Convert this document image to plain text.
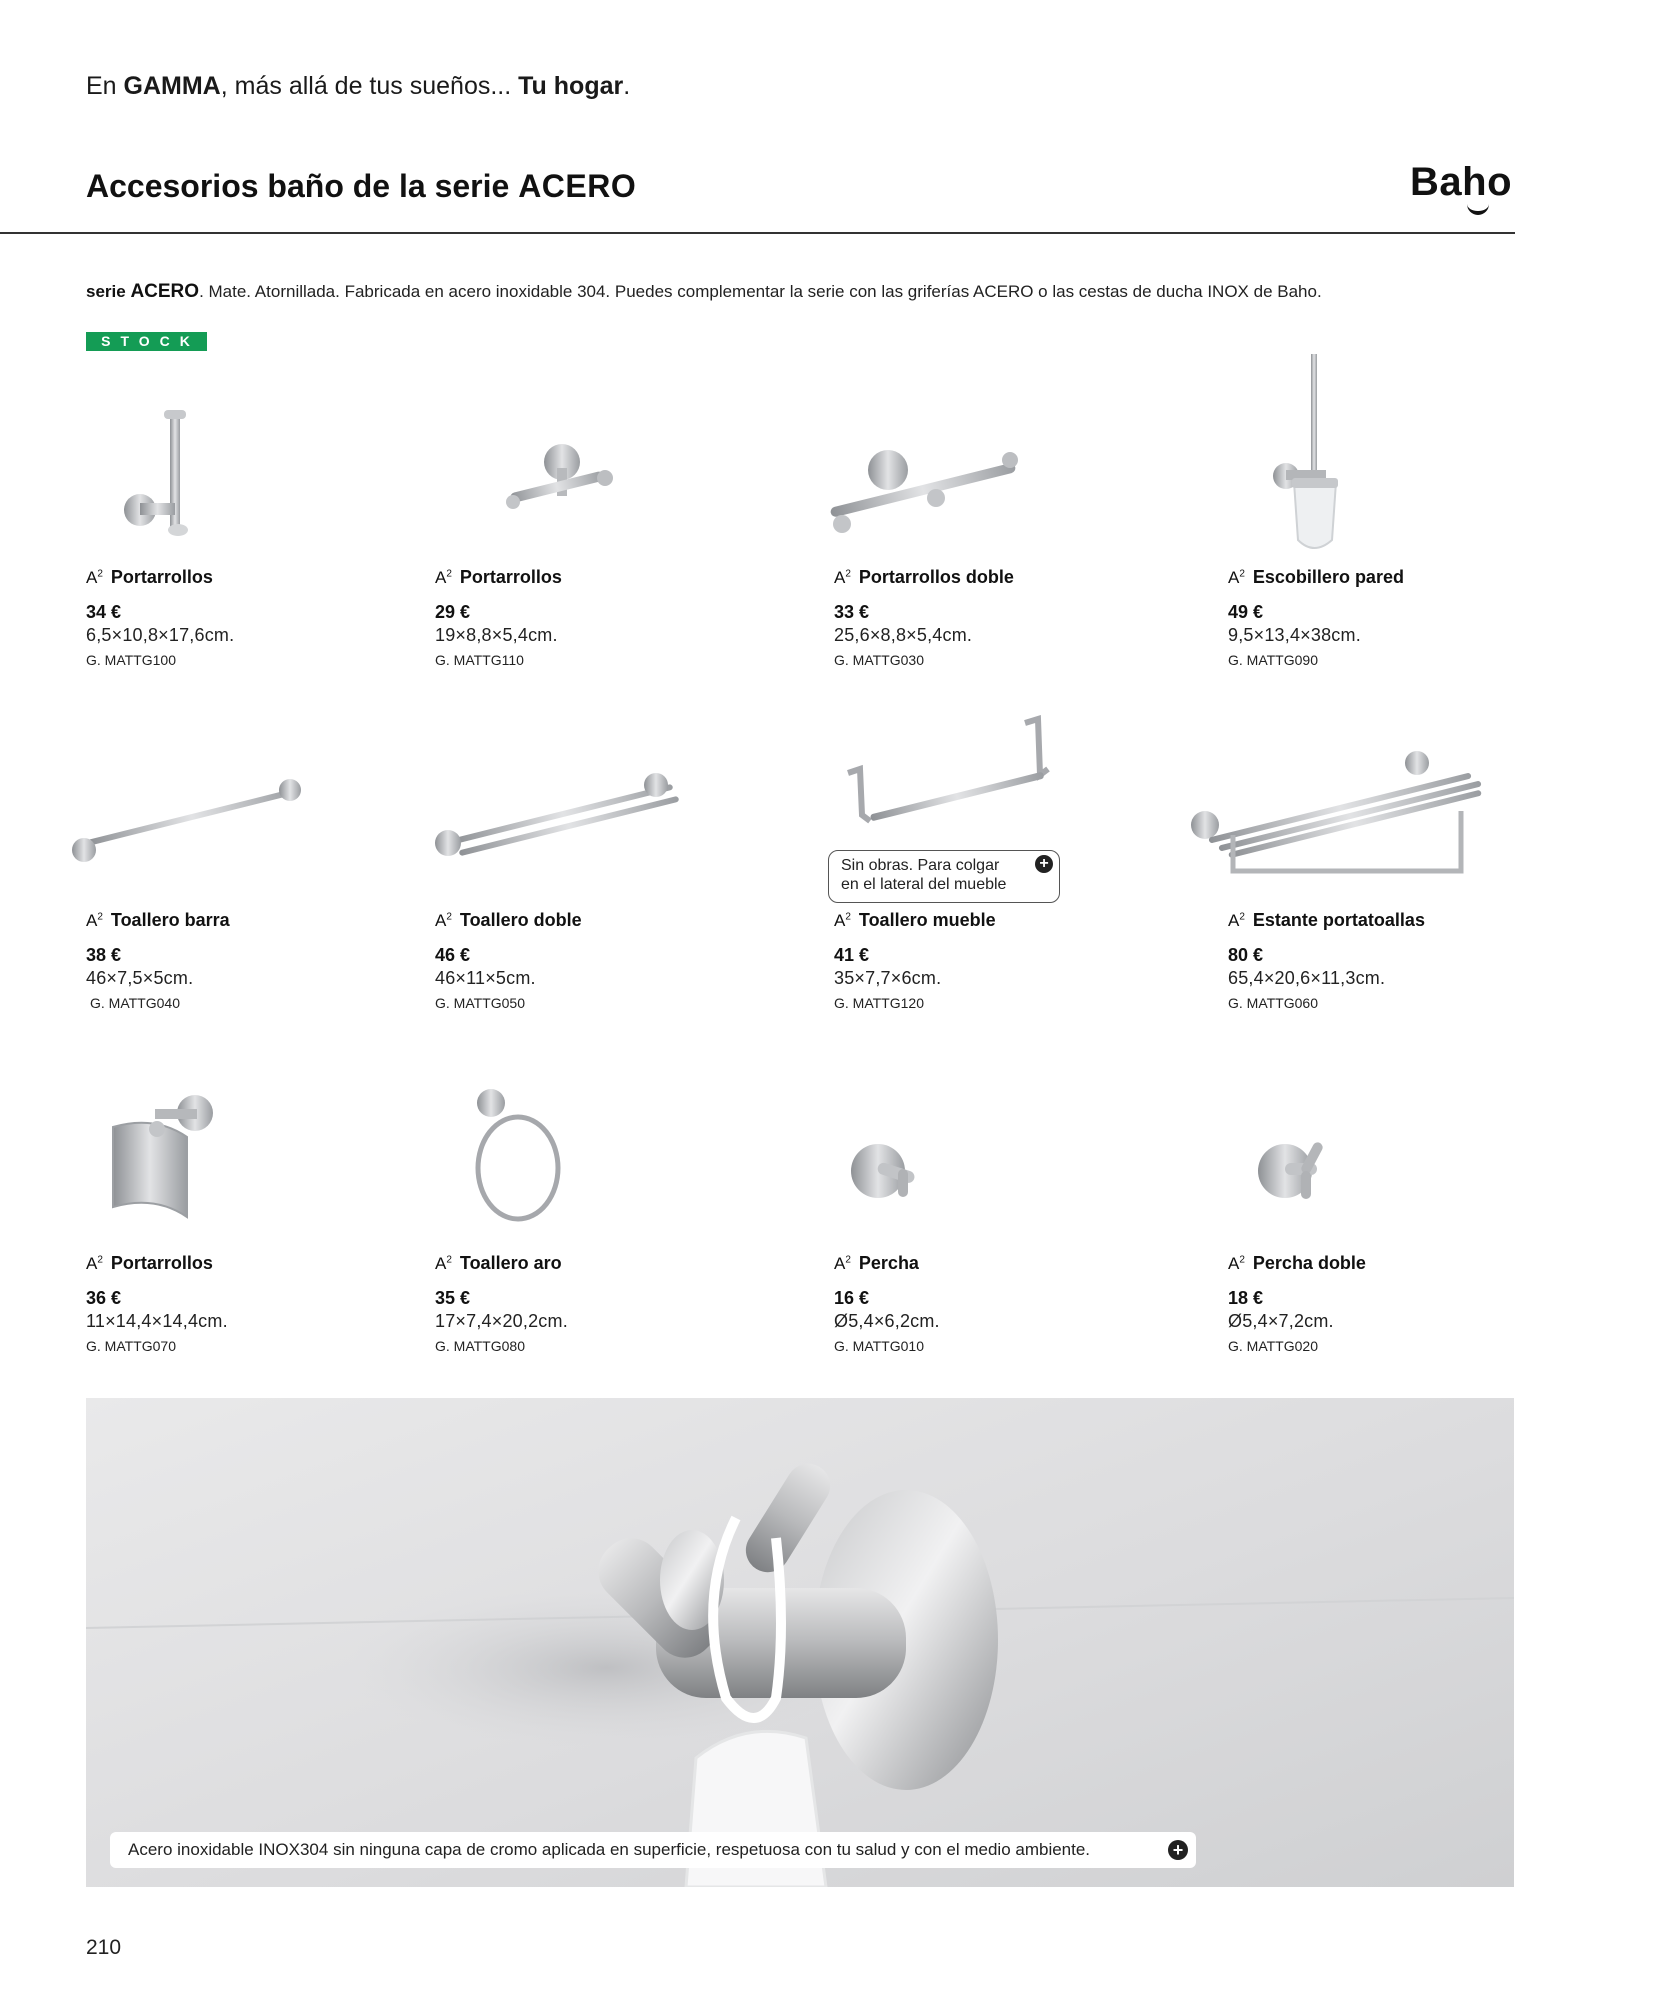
En GAMMA, más allá de tus sueños... Tu hogar.
Accesorios baño de la serie ACERO	Baho
serie ACERO. Mate. Atornillada. Fabricada en acero inoxidable 304. Puedes complementar la serie con las griferías ACERO o las cestas de ducha INOX de Baho.
STOCK
$A^2$ Portarrollos
34 €
6,5×10,8×17,6cm.
G. MATTG100
$A^2$ Portarrollos
29 €
19×8,8×5,4cm.
G. MATTG110
$A^2$ Portarrollos doble
33 €
25,6×8,8×5,4cm.
G. MATTG030
$A^2$ Escobillero pared
49 €
9,5×13,4×38cm.
G. MATTG090
$A^2$ Toallero barra
38 €
46×7,5×5cm.
G. MATTG040
$A^2$ Toallero doble
46 €
46×11×5cm.
G. MATTG050
$A^2$ Toallero mueble
41 €
35×7,7×6cm.
G. MATTG120
$A^2$ Estante portatoallas
80 €
65,4×20,6×11,3cm.
G. MATTG060
$A^2$ Portarrollos
36 €
11×14,4×14,4cm.
G. MATTG070
$A^2$ Toallero aro
35 €
17×7,4×20,2cm.
G. MATTG080
$A^2$ Percha
16 €
Ø5,4×6,2cm.
G. MATTG010
$A^2$ Percha doble
18 €
Ø5,4×7,2cm.
G. MATTG020
Sin obras. Para colgar
en el lateral del mueble
+
Acero inoxidable INOX304 sin ninguna capa de cromo aplicada en superficie, respetuosa con tu salud y con el medio ambiente.	+
210
